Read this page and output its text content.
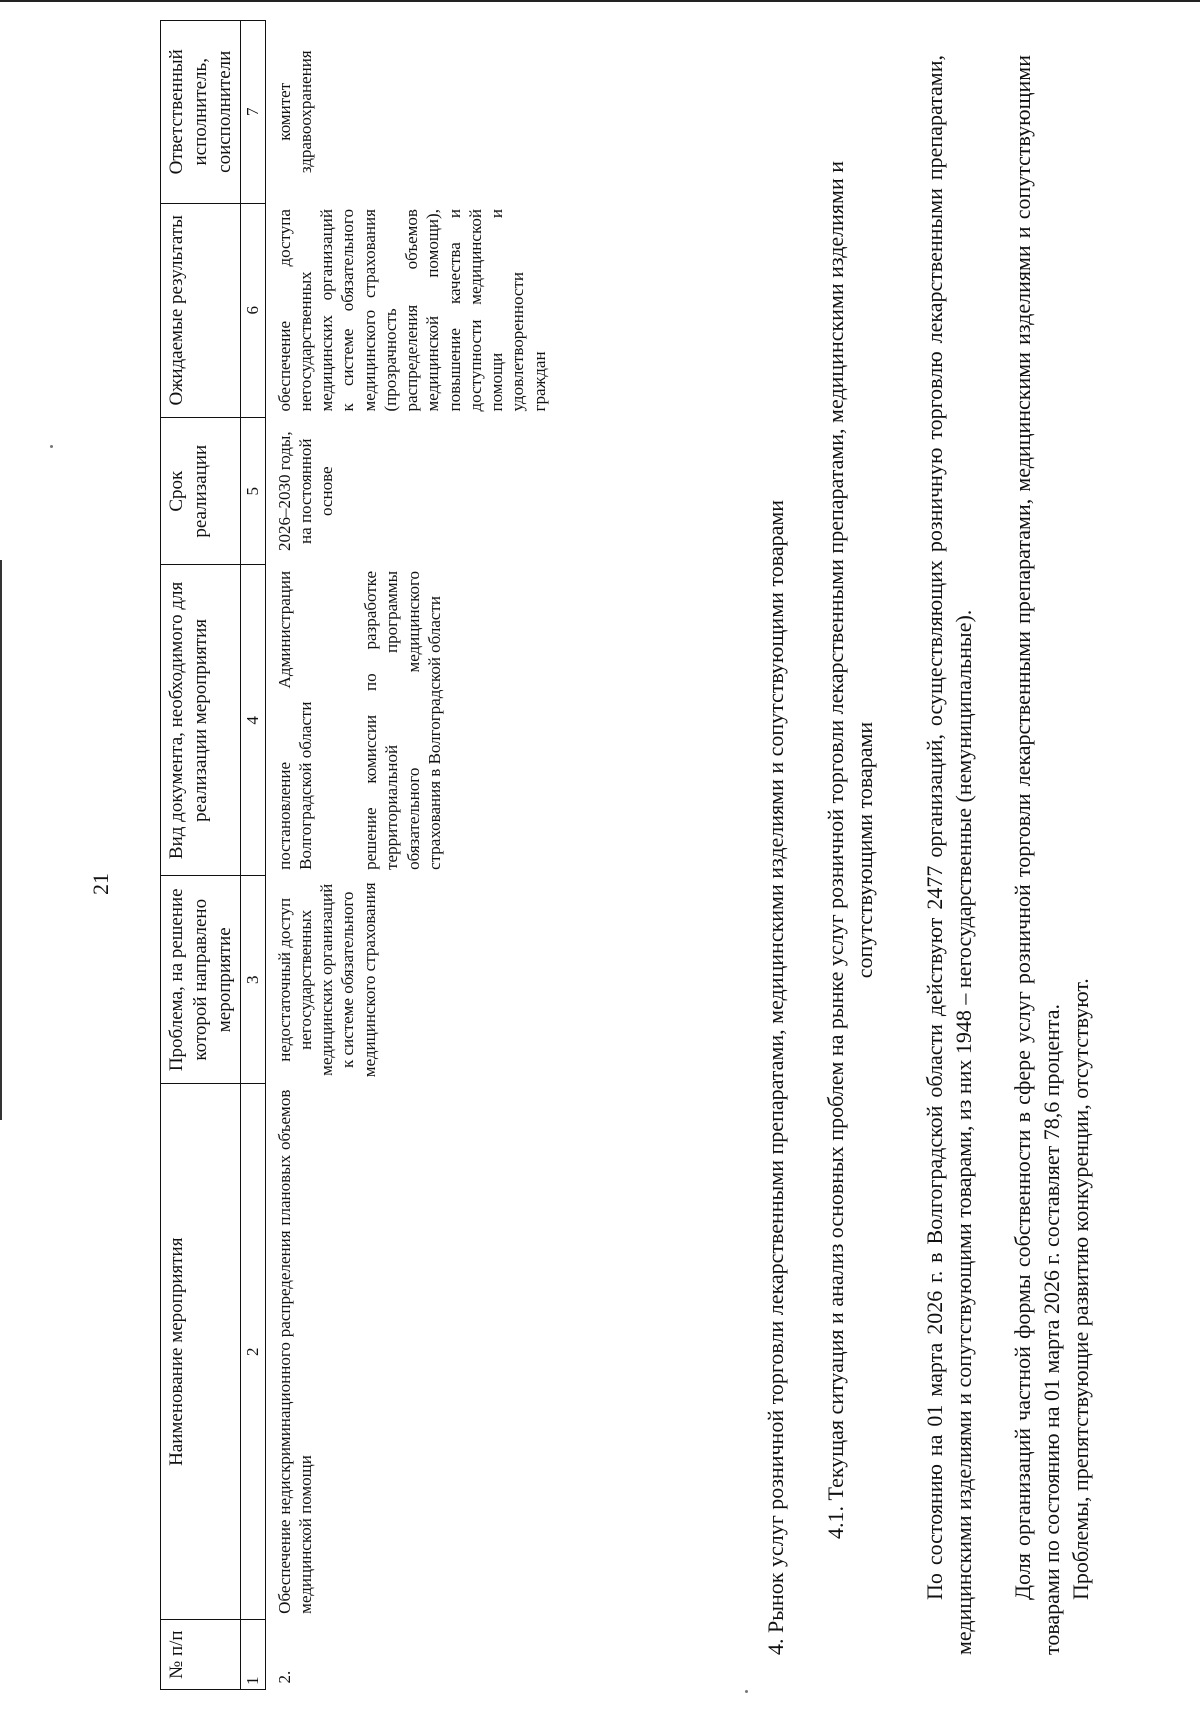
21
№ п/п	Наименование мероприятия	Проблема, на решение которой направлено мероприятие	Вид документа, необходимого для реализации мероприятия	Срок реализации	Ожидаемые результаты	Ответственный исполнитель, соисполнители
1	2	3	4	5	6	7
2.	Обеспечение недискриминационного распределения плановых объемов медицинской помощи	недостаточный доступ негосударственных медицинских организаций к системе обязательного медицинского страхования	постановление Администрации Волгоградской области решение комиссии по разработке территориальной программы обязательного медицинского страхования в Волгоградской области	2026–2030 годы, на постоянной основе	обеспечение доступа негосударственных медицинских организаций к системе обязательного медицинского страхования (прозрачность распределения объемов медицинской помощи), повышение качества и доступности медицинской помощи и удовлетворенности граждан	комитет здравоохранения
4. Рынок услуг розничной торговли лекарственными препаратами, медицинскими изделиями и сопутствующими товарами 4.1. Текущая ситуация и анализ основных проблем на рынке услуг розничной торговли лекарственными препаратами, медицинскими изделиями и сопутствующими товарами По состоянию на 01 марта 2026 г. в Волгоградской области действуют 2477 организаций, осуществляющих розничную торговлю лекарственными препаратами, медицинскими изделиями и сопутствующими товарами, из них 1948 – негосударственные (немуниципальные). Доля организаций частной формы собственности в сфере услуг розничной торговли лекарственными препаратами, медицинскими изделиями и сопутствующими товарами по состоянию на 01 марта 2026 г. составляет 78,6 процента. Проблемы, препятствующие развитию конкуренции, отсутствуют.
